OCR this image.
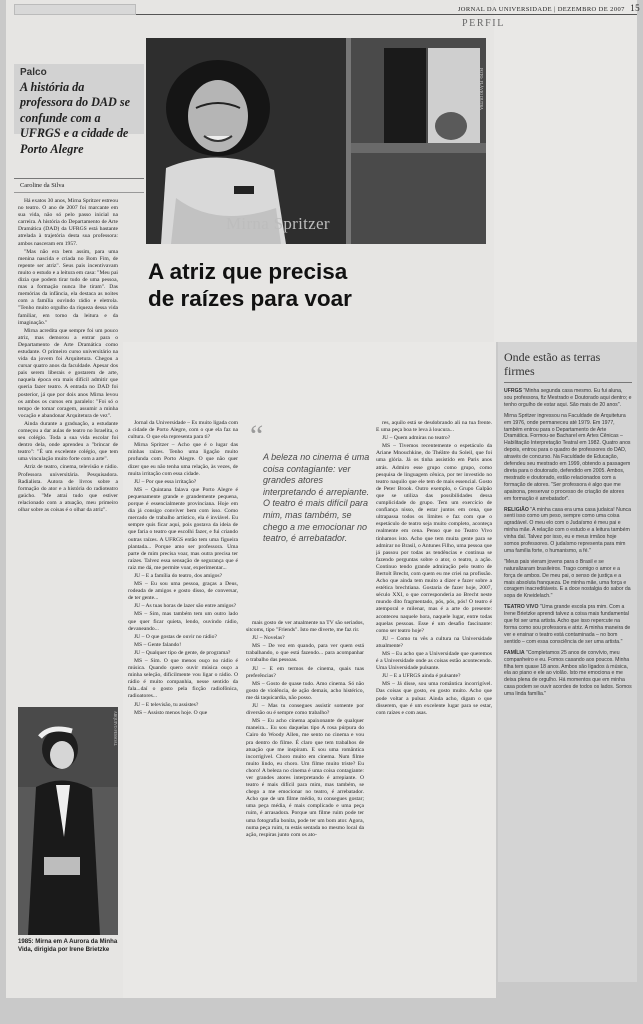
JORNAL DA UNIVERSIDADE | DEZEMBRO DE 2007 15
PERFIL
Palco
A história da professora do DAD se confunde com a UFRGS e a cidade de Porto Alegre
Caroline da Silva

Há exatos 30 anos, Mirna Spritzer estreou no teatro. O ano de 2007 foi marcante em sua vida, não só pelo passo inicial na carreira. A história do Departamento de Arte Dramática (DAD) da UFRGS está bastante atrelada à trajetória desta sua professora: ambos nasceram em 1957.

"Mas não era bem assim, para uma menina nascida e criada no Bom Fim, de repente ser atriz". Seus pais incentivavam muito o estudo e a leitura em casa: "Meu pai dizia que podem tirar tudo de uma pessoa, mas a formação nunca lhe tiram". Das memórias da infância, ela destaca as noites com a família ouvindo rádio e eletrola. "Tenho muito orgulho da riqueza dessa vida familiar, em torno da leitura e da imaginação."

Mirna acredita que sempre foi um pouco atriz, mas demorou a entrar para o Departamento de Arte Dramática como estudante. O primeiro curso universitário na vida da jovem foi Arquitetura. Chegou a cursar quatro anos da faculdade. Apesar dos pais serem liberais e gostarem de arte, naquela época era mais difícil admitir que queria fazer teatro. A entrada no DAD foi posterior, já que por dois anos Mirna levou os ambos os cursos em paralelo: "Foi só o tempo de tomar coragem, assumir a minha vocação e abandonar Arquitetura de vez".

Ainda durante a graduação, a estudante começou a dar aulas de teatro no Israelita, o seu colégio. Toda a sua vida escolar foi dentro dela, onde aprendeu a "brincar de teatro": "É um excelente colégio, que tem uma vinculação muito forte com a arte".

Atriz de teatro, cinema, televisão e rádio. Professora universitária. Pesquisadora. Radialista. Autora de livros sobre a formação do ator e a história do radioteatro gaúcho. "Me atrai tudo que estiver relacionado com a atuação, meu primeiro olhar sobre as coisas é o olhar da atriz".

Mirna Spritzer
FOTO: FLÁVIO DUTRA
A atriz que precisa
de raízes para voar
ARQUIVO PESSOAL
1985: Mirna em A Aurora da Minha Vida, dirigida por Irene Brietzke

Jornal da Universidade – És muito ligada com a cidade de Porto Alegre, com o que ela faz na cultura. O que ela representa para ti?

Mirna Spritzer – Acho que é o lugar das minhas raízes. Tenho uma ligação muito profunda com Porto Alegre. O que não quer dizer que eu não tenha uma relação, às vezes, de muita irritação com essa cidade.

JU – Por que essa irritação?

MS – Quintana falava que Porto Alegre é pequenamente grande e grandemente pequena, porque é essencialmente provinciana. Hoje em dia já consigo conviver bem com isso. Como mercado de trabalho artístico, ela é inviável. Eu sempre quis ficar aqui, pois gostava da ideia de que faria o teatro que escolhi fazer, e fui criando outras raízes. A UFRGS então tem uma figueira plantada... Porque amo ser professora. Uma parte de mim precisa voar, mas outra precisa ter raízes. Talvez essa sensação de segurança que é raiz me dá, me permite voar, experimentar...

JU – E a família do teatro, dos amigos?

MS – Eu sou uma pessoa, graças a Deus, rodeada de amigos e gosto disso, de conversar, de ter gente...

JU – As tuas horas de lazer são entre amigos?

MS – Sim, mas também tem um outro lado que quer ficar quieta, lendo, ouvindo rádio, devaneando...

JU – O que gostas de ouvir no rádio?

MS – Gente falando!

JU – Qualquer tipo de gente, de programa?

MS – Sim. O que menos ouço no rádio é música. Quando quero ouvir música ouço a minha seleção, dificilmente vou ligar o rádio. O rádio é muito companhia, nesse sentido da fala...daí o gosto pela ficção radiofônica, radioatores...

JU – E televisão, tu assistes?

MS – Assisto menos hoje. O que

“
A beleza no cinema é uma coisa contagiante: ver grandes atores interpretando é arrepiante. O teatro é mais difícil para mim, mas também, se chego a me emocionar no teatro, é arrebatador.

mais gosto de ver atualmente na TV são seriados, sitcoms, tipo "Friends". Isto me diverte, me faz rir.

JU – Novelas?

MS – De vez em quando, para ver quem está trabalhando, o que está fazendo... para acompanhar o trabalho das pessoas.

JU – E em termos de cinema, quais tuas preferências?

MS – Gosto de quase tudo. Amo cinema. Só não gosto de violência, de ação demais, acho histérico, me dá taquicardia, não posso.

JU – Mas tu consegues assistir somente por diversão ou é sempre como trabalho?

MS – Eu acho cinema apaixonante de qualquer maneira... Eu sou daquelas tipo A rosa púrpura do Cairo do Woody Allen, me sento no cinema e vou pra dentro do filme. É claro que tem trabalhos de atuação que me inspiram. E sou uma romântica incorrigível. Choro muito em cinema. Num filme muito lindo, eu choro. Um filme muito triste? Eu choro! A beleza no cinema é uma coisa contagiante: ver grandes atores interpretando é arrepiante. O teatro é mais difícil para mim, mas também, se chego a me emocionar no teatro, é arrebatador. Acho que de um filme médio, tu consegues gostar; uma peça média, é mais complicado e uma peça ruim, é arrasadora. Porque um filme ruim pode ter uma fotografia bonita, pode ter um bom ator. Agora, numa peça ruim, tu estás sentada no mesmo local da ação, respiras junto com os ato-

res, aquilo está se desdobrando ali na tua frente. E uma peça boa te leva à loucura...

JU – Quem admiras no teatro?

MS – Tivemos recentemente o espetáculo da Ariane Mnouchkine, do Théâtre du Soleil, que foi uma glória. Já os tinha assistido em Paris anos atrás. Admiro esse grupo como grupo, como pesquisa de linguagem cênica, por ter investido no teatro naquilo que ele tem de mais essencial. Gosto de Peter Brook. Outro exemplo, o Grupo Galpão que se utiliza das possibilidades dessa cumplicidade do grupo. Tem um exercício de confiança nisso, de estar juntos em cena, que ultrapassa todos os limites e faz com que o espetáculo de teatro seja muito completo, aconteça realmente em cena. Penso que no Teatro Vivo tínhamos isto. Acho que tem muita gente para se admirar no Brasil, o Antunes Filho, uma pessoa que já passou por todas as tendências e continua se fazendo perguntas sobre o ator, o teatro, a ação. Continuo tendo grande admiração pelo teatro de Bertolt Brecht, com quem eu me criei na profissão. Acho que ainda tem muito a dizer e fazer sobre a estética brechtiana. Gostaria de fazer hoje, 2007, século XXI, o que corresponderia ao Brecht neste mundo dito fragmentado, pós, pós, pós! O teatro é atemporal e milenar, mas é a arte do presente: aconteceu naquele hora, naquele lugar, entre todas aquelas pessoas. Esse é um desafio fascinante: como ser teatro hoje?

JU – Como tu vês a cultura na Universidade atualmente?

MS – Eu acho que a Universidade que queremos é a Universidade onde as coisas estão acontecendo. Uma Universidade pulsante.

JU – E a UFRGS ainda é pulsante?

MS – Já disse, sou uma romântica incorrigível. Das coisas que gosto, eu gosto muito. Acho que pode voltar a pulsar. Ainda acho, digam o que disserem, que é um excelente lugar para se estar, com raízes e com asas.

Onde estão as terras firmes
UFRGS "Minha segunda casa mesmo. Eu fui aluna, sou professora, fiz Mestrado e Doutorado aqui dentro; e tenho orgulho de estar aqui. São mais de 20 anos".
Mirna Spritzer ingressou na Faculdade de Arquitetura em 1976, onde permaneceu até 1979. Em 1977, também entrou para o Departamento de Arte Dramática. Formou-se Bacharel em Artes Cênicas – Habilitação Interpretação Teatral em 1982. Quatro anos depois, entrou para o quadro de professores do DAD, através de concurso. Na Faculdade de Educação, defendeu seu mestrado em 1999, obtendo a passagem direta para o doutorado, defendido em 2005. Ambos, mestrado e doutorado, estão relacionados com a formação de atores. "Ser professora é algo que me apaixona, preservar o processo de criação de atores em formação é arrebatador".
RELIGIÃO "A minha casa era uma casa judaica! Nunca senti isso como um peso, sempre como uma coisa agradável. O meu elo com o Judaísmo é meu pai e minha mãe. A relação com o estudo e a leitura também vinha daí. Talvez por isso, eu e meus irmãos hoje somos professores. O judaísmo representa para mim uma família forte, o humanismo, a fé."
"Meus pais vieram jovens para o Brasil e se naturalizaram brasileiros. Trago comigo o amor e a força de ambos. De meu pai, o senso de justiça e a mais absoluta franqueza. De minha mãe, uma força e coragem inacreditáveis. E a doce nostalgia do sabor da sopa de Kneidelach."
TEATRO VIVO "Uma grande escola pra mim. Com a Irene Brietzke aprendi talvez a coisa mais fundamental que foi ser uma artista. Acho que isso repercute na forma como sou professora e atriz. A minha maneira de ver e ensinar o teatro está contaminada – no bom sentido – com essa consciência de ser uma artista."
FAMÍLIA "Completamos 25 anos de convívio, meu companheiro e eu. Fomos casando aos poucos. Minha filha tem quase 18 anos. Ambos são ligados à música, ela ao piano e ele ao violão. Isto me emociona e me deixa plena de orgulho. Há momentos que em minha casa podem se ouvir acordes de todos os lados. Somos uma linda família."
